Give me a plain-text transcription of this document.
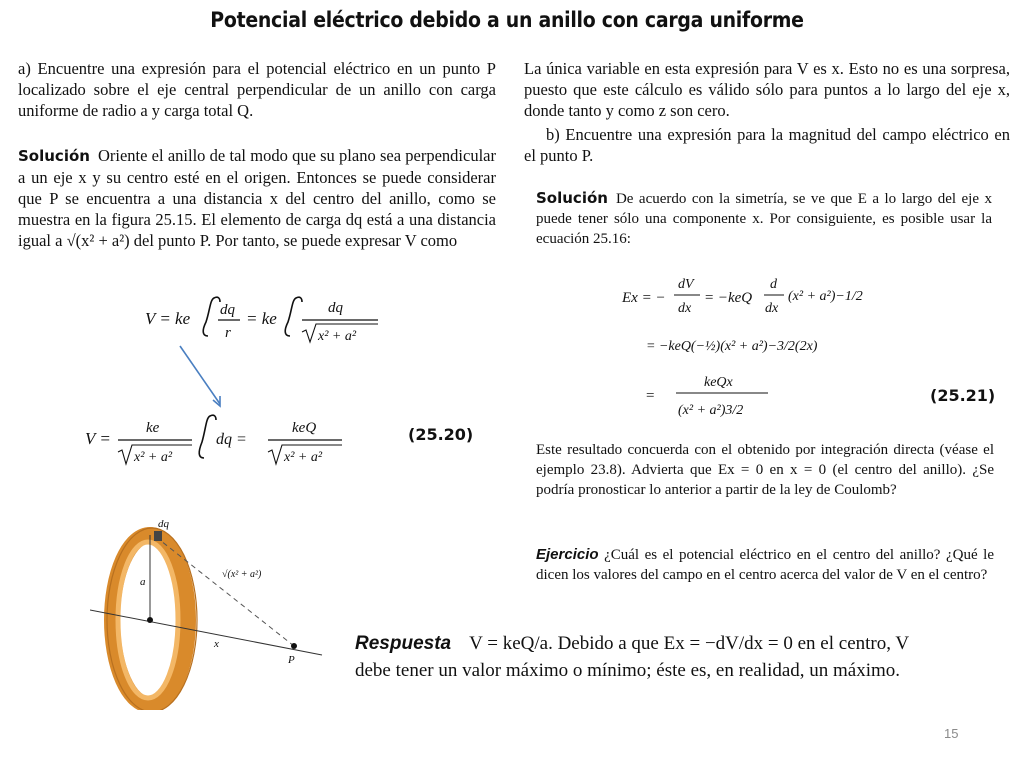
Potencial eléctrico debido a un anillo con carga uniforme
a) Encuentre una expresión para el potencial eléctrico en un punto P localizado sobre el eje central perpendicular de un anillo con carga uniforme de radio a y carga total Q.
Solución Oriente el anillo de tal modo que su plano sea perpendicular a un eje x y su centro esté en el origen. Entonces se puede considerar que P se encuentra a una distancia x del centro del anillo, como se muestra en la figura 25.15. El elemento de carga dq está a una distancia igual a √(x² + a²) del punto P. Por tanto, se puede expresar V como
V = ke dq
r
= ke
dq
x² + a²
V =
ke
x² + a²
dq =
keQ
x² + a²
(25.20)
dq
a
x
P
√(x² + a²)
La única variable en esta expresión para V es x. Esto no es una sorpresa, puesto que este cálculo es válido sólo para puntos a lo largo del eje x, donde tanto y como z son cero.
b) Encuentre una expresión para la magnitud del campo eléctrico en el punto P.
Solución De acuerdo con la simetría, se ve que E a lo largo del eje x puede tener sólo una componente x. Por consiguiente, es posible usar la ecuación 25.16:
Ex = −
dV
dx
= −keQ
d
dx
(x² + a²)−1/2
= −keQ(−½)(x² + a²)−3/2(2x)
=
keQx
(x² + a²)3/2
(25.21)
Este resultado concuerda con el obtenido por integración directa (véase el ejemplo 23.8). Advierta que Ex = 0 en x = 0 (el centro del anillo). ¿Se podría pronosticar lo anterior a partir de la ley de Coulomb?
Ejercicio ¿Cuál es el potencial eléctrico en el centro del anillo? ¿Qué le dicen los valores del campo en el centro acerca del valor de V en el centro?
Respuesta V = keQ/a. Debido a que Ex = −dV/dx = 0 en el centro, V debe tener un valor máximo o mínimo; éste es, en realidad, un máximo.
15
